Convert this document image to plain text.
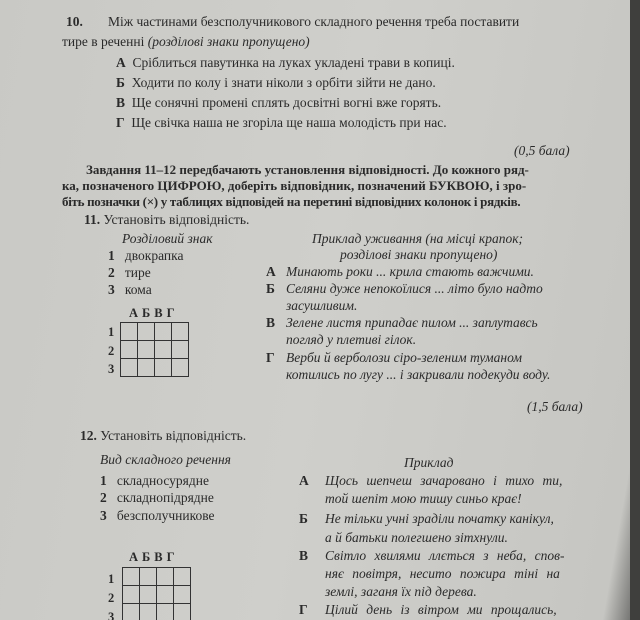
10. Між частинами безсполучникового складного речення треба поставити
тире в реченні (розділові знаки пропущено)
А Сріблиться павутинка на луках укладені трави в копиці.
Б Ходити по колу і знати ніколи з орбіти зійти не дано.
В Ще сонячні промені сплять досвітні вогні вже горять.
Г Ще свічка наша не згоріла ще наша молодість при нас.
(0,5 бала)
Завдання 11–12 передбачають установлення відповідності. До кожного ряд-
ка, позначеного ЦИФРОЮ, доберіть відповідник, позначений БУКВОЮ, і зро-
біть позначки (×) у таблицях відповідей на перетині відповідних колонок і рядків.
11. Установіть відповідність.
Розділовий знак	Приклад уживання (на місці крапок;
розділові знаки пропущено)
1 двокрапка
2 тире
3 кома
А Минають роки ... крила стають важчими.
Б Селяни дуже непокоїлися ... літо було надто
засушливим.
В Зелене листя припадає пилом ... заплутавсь
погляд у плетиві гілок.
Г Верби й верболози сіро-зеленим туманом
котились по лугу ... і закривали подекуди воду.
АБВГ

1
2
3
(1,5 бала)
12. Установіть відповідність.
Вид складного речення	Приклад
1 складносурядне
2 складнопідрядне
3 безсполучникове
А Щось шепчеш зачаровано і тихо ти,
той шепіт мою тишу синьо крає!
Б Не тільки учні зраділи початку канікул,
а й батьки полегшено зітхнули.
В Світло хвилями ллється з неба, спов-
няє повітря, несито пожира тіні на
землі, заганя їх під дерева.
Г Цілий день із вітром ми прощались,
АБВГ

1
2
3
